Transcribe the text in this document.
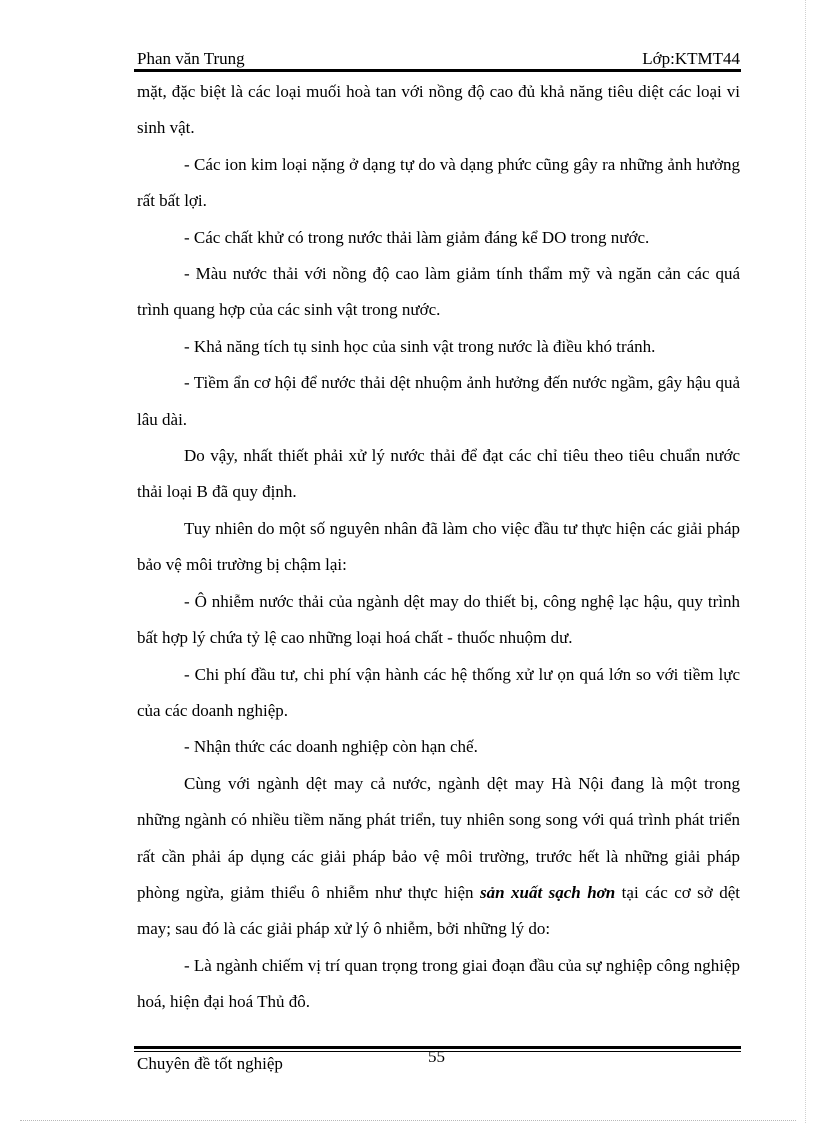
Phan văn Trung	Lớp:KTMT44

mặt, đặc biệt là các loại muối hoà tan với nồng độ cao đủ khả năng tiêu diệt các loại vi sinh vật.

- Các ion kim loại nặng ở dạng tự do và dạng phức cũng gây ra những ảnh hưởng rất bất lợi.

- Các chất khử có trong nước thải làm giảm đáng kể DO trong nước.

- Màu nước thải với nồng độ cao làm giảm tính thẩm mỹ và ngăn cản các quá trình quang hợp của các sinh vật trong nước.

- Khả năng tích tụ sinh học của sinh vật trong nước là điều khó tránh.

- Tiềm ẩn cơ hội để nước thải dệt nhuộm ảnh hưởng đến nước ngầm, gây hậu quả lâu dài.

Do vậy, nhất thiết phải xử lý nước thải để đạt các chỉ tiêu theo tiêu chuẩn nước thải loại B đã quy định.

Tuy nhiên do một số nguyên nhân đã làm cho việc đầu tư thực hiện các giải pháp bảo vệ môi trường bị chậm lại:

- Ô nhiễm nước thải của ngành dệt may do thiết bị, công nghệ lạc hậu, quy trình bất hợp lý chứa tỷ lệ cao những loại hoá chất - thuốc nhuộm dư.

- Chi phí đầu tư, chi phí vận hành các hệ thống xử lư ọn quá lớn so với tiềm lực của các doanh nghiệp.

- Nhận thức các doanh nghiệp còn hạn chế.

Cùng với ngành dệt may cả nước, ngành dệt may Hà Nội đang là một trong những ngành có nhiều tiềm năng phát triển, tuy nhiên song song với quá trình phát triển rất cần phải áp dụng các giải pháp bảo vệ môi trường, trước hết là những giải pháp phòng ngừa, giảm thiểu ô nhiễm như thực hiện sản xuất sạch hơn tại các cơ sở dệt may; sau đó là các giải pháp xử lý ô nhiễm, bởi những lý do:

- Là ngành chiếm vị trí quan trọng trong giai đoạn đầu của sự nghiệp công nghiệp hoá, hiện đại hoá Thủ đô.

55
Chuyên đề tốt nghiệp
